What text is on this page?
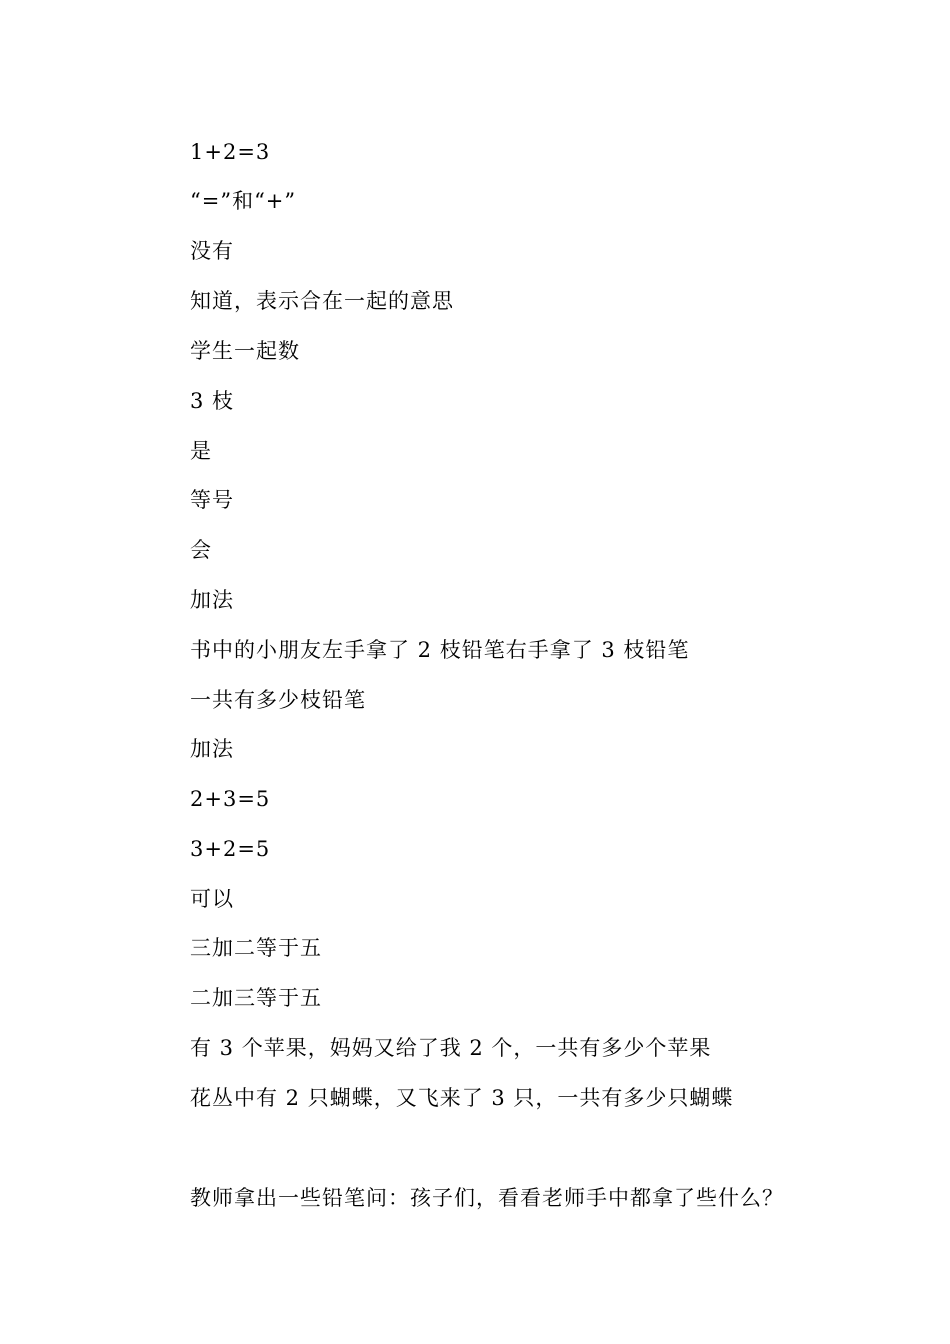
1+2=3
“=”和“+”
没有
知道，表示合在一起的意思
学生一起数
3 枝
是
等号
会
加法
书中的小朋友左手拿了 2 枝铅笔右手拿了 3 枝铅笔
一共有多少枝铅笔
加法
2+3=5
3+2=5
可以
三加二等于五
二加三等于五
有 3 个苹果，妈妈又给了我 2 个，一共有多少个苹果
花丛中有 2 只蝴蝶，又飞来了 3 只，一共有多少只蝴蝶
教师拿出一些铅笔问：孩子们，看看老师手中都拿了些什么？
